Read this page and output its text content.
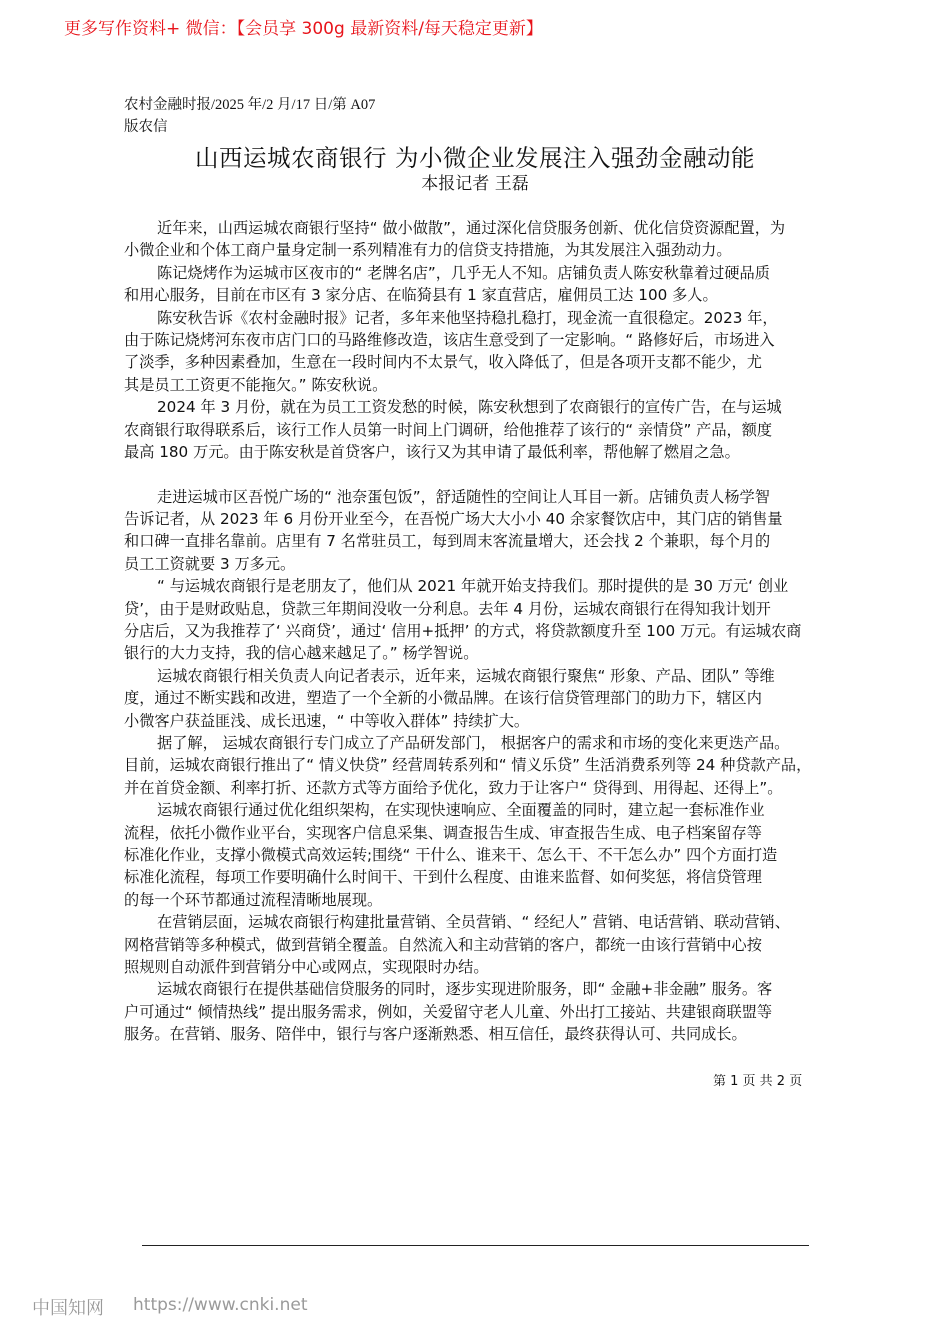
更多写作资料+ 微信：【会员享 300g 最新资料/每天稳定更新】
农村金融时报/2025 年/2 月/17 日/第 A07
版农信
山西运城农商银行 为小微企业发展注入强劲金融动能
本报记者 王磊
近年来，山西运城农商银行坚持“ 做小做散”，通过深化信贷服务创新、优化信贷资源配置，为
小微企业和个体工商户量身定制一系列精准有力的信贷支持措施，为其发展注入强劲动力。
陈记烧烤作为运城市区夜市的“ 老牌名店”，几乎无人不知。店铺负责人陈安秋靠着过硬品质
和用心服务，目前在市区有 3 家分店、在临猗县有 1 家直营店，雇佣员工达 100 多人。
陈安秋告诉《农村金融时报》记者，多年来他坚持稳扎稳打，现金流一直很稳定。2023 年，
由于陈记烧烤河东夜市店门口的马路维修改造，该店生意受到了一定影响。“ 路修好后，市场进入
了淡季，多种因素叠加，生意在一段时间内不太景气，收入降低了，但是各项开支都不能少，尤
其是员工工资更不能拖欠。” 陈安秋说。
2024 年 3 月份，就在为员工工资发愁的时候，陈安秋想到了农商银行的宣传广告，在与运城
农商银行取得联系后，该行工作人员第一时间上门调研，给他推荐了该行的“ 亲情贷” 产品，额度
最高 180 万元。由于陈安秋是首贷客户，该行又为其申请了最低利率，帮他解了燃眉之急。
走进运城市区吾悦广场的“ 池奈蛋包饭”，舒适随性的空间让人耳目一新。店铺负责人杨学智
告诉记者，从 2023 年 6 月份开业至今，在吾悦广场大大小小 40 余家餐饮店中，其门店的销售量
和口碑一直排名靠前。店里有 7 名常驻员工，每到周末客流量增大，还会找 2 个兼职，每个月的
员工工资就要 3 万多元。
“ 与运城农商银行是老朋友了，他们从 2021 年就开始支持我们。那时提供的是 30 万元‘ 创业
贷’，由于是财政贴息，贷款三年期间没收一分利息。去年 4 月份，运城农商银行在得知我计划开
分店后，又为我推荐了‘ 兴商贷’，通过‘ 信用+抵押’ 的方式，将贷款额度升至 100 万元。有运城农商
银行的大力支持，我的信心越来越足了。” 杨学智说。
运城农商银行相关负责人向记者表示，近年来，运城农商银行聚焦“ 形象、产品、团队” 等维
度，通过不断实践和改进，塑造了一个全新的小微品牌。在该行信贷管理部门的助力下，辖区内
小微客户获益匪浅、成长迅速，“ 中等收入群体” 持续扩大。
据了解， 运城农商银行专门成立了产品研发部门， 根据客户的需求和市场的变化来更迭产品。
目前，运城农商银行推出了“ 情义快贷” 经营周转系列和“ 情义乐贷” 生活消费系列等 24 种贷款产品，
并在首贷金额、利率打折、还款方式等方面给予优化，致力于让客户“ 贷得到、用得起、还得上”。
运城农商银行通过优化组织架构，在实现快速响应、全面覆盖的同时，建立起一套标准作业
流程，依托小微作业平台，实现客户信息采集、调查报告生成、审查报告生成、电子档案留存等
标准化作业，支撑小微模式高效运转;围绕“ 干什么、谁来干、怎么干、不干怎么办” 四个方面打造
标准化流程，每项工作要明确什么时间干、干到什么程度、由谁来监督、如何奖惩，将信贷管理
的每一个环节都通过流程清晰地展现。
在营销层面，运城农商银行构建批量营销、全员营销、“ 经纪人” 营销、电话营销、联动营销、
网格营销等多种模式，做到营销全覆盖。自然流入和主动营销的客户，都统一由该行营销中心按
照规则自动派件到营销分中心或网点，实现限时办结。
运城农商银行在提供基础信贷服务的同时，逐步实现进阶服务，即“ 金融+非金融” 服务。客
户可通过“ 倾情热线” 提出服务需求，例如，关爱留守老人儿童、外出打工接站、共建银商联盟等
服务。在营销、服务、陪伴中，银行与客户逐渐熟悉、相互信任，最终获得认可、共同成长。
第 1 页 共 2 页
中国知网 https://www.cnki.net
